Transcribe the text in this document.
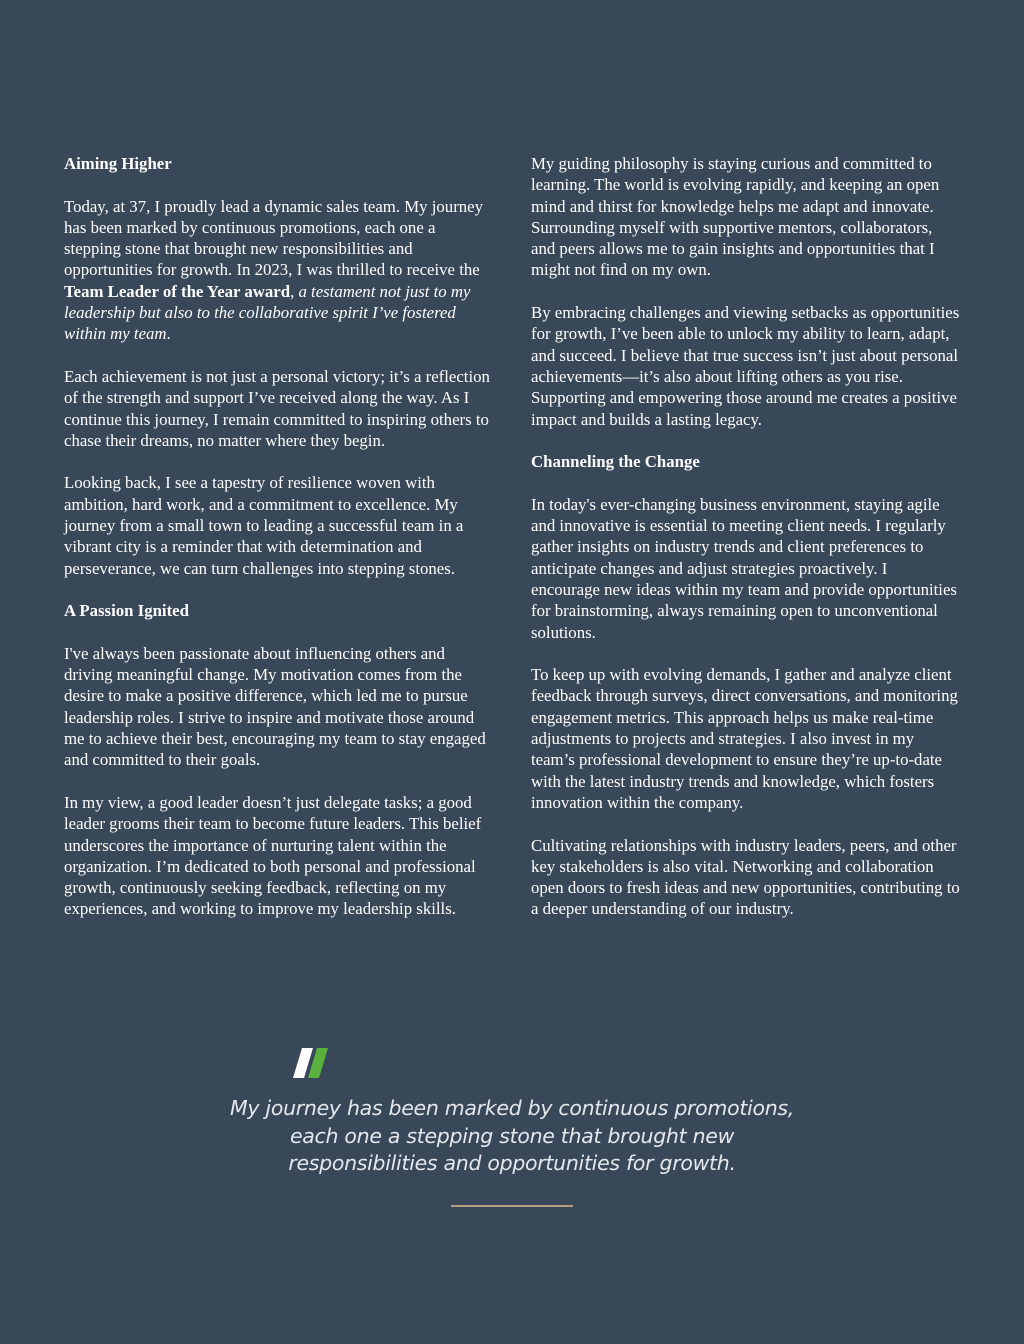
Aiming Higher

Today, at 37, I proudly lead a dynamic sales team. My journey has been marked by continuous promotions, each one a stepping stone that brought new responsibilities and opportunities for growth. In 2023, I was thrilled to receive the Team Leader of the Year award, a testament not just to my leadership but also to the collaborative spirit I’ve fostered within my team.

Each achievement is not just a personal victory; it’s a reflection of the strength and support I’ve received along the way. As I continue this journey, I remain committed to inspiring others to chase their dreams, no matter where they begin.

Looking back, I see a tapestry of resilience woven with ambition, hard work, and a commitment to excellence. My journey from a small town to leading a successful team in a vibrant city is a reminder that with determination and perseverance, we can turn challenges into stepping stones.

A Passion Ignited

I've always been passionate about influencing others and driving meaningful change. My motivation comes from the desire to make a positive difference, which led me to pursue leadership roles. I strive to inspire and motivate those around me to achieve their best, encouraging my team to stay engaged and committed to their goals.

In my view, a good leader doesn’t just delegate tasks; a good leader grooms their team to become future leaders. This belief underscores the importance of nurturing talent within the organization. I’m dedicated to both personal and professional growth, continuously seeking feedback, reflecting on my experiences, and working to improve my leadership skills.

My guiding philosophy is staying curious and committed to learning. The world is evolving rapidly, and keeping an open mind and thirst for knowledge helps me adapt and innovate. Surrounding myself with supportive mentors, collaborators, and peers allows me to gain insights and opportunities that I might not find on my own.

By embracing challenges and viewing setbacks as opportunities for growth, I’ve been able to unlock my ability to learn, adapt, and succeed. I believe that true success isn’t just about personal achievements—it’s also about lifting others as you rise. Supporting and empowering those around me creates a positive impact and builds a lasting legacy.

Channeling the Change

In today's ever-changing business environment, staying agile and innovative is essential to meeting client needs. I regularly gather insights on industry trends and client preferences to anticipate changes and adjust strategies proactively. I encourage new ideas within my team and provide opportunities for brainstorming, always remaining open to unconventional solutions.

To keep up with evolving demands, I gather and analyze client feedback through surveys, direct conversations, and monitoring engagement metrics. This approach helps us make real-time adjustments to projects and strategies. I also invest in my team’s professional development to ensure they’re up-to-date with the latest industry trends and knowledge, which fosters innovation within the company.

Cultivating relationships with industry leaders, peers, and other key stakeholders is also vital. Networking and collaboration open doors to fresh ideas and new opportunities, contributing to a deeper understanding of our industry.

My journey has been marked by continuous promotions, each one a stepping stone that brought new responsibilities and opportunities for growth.
